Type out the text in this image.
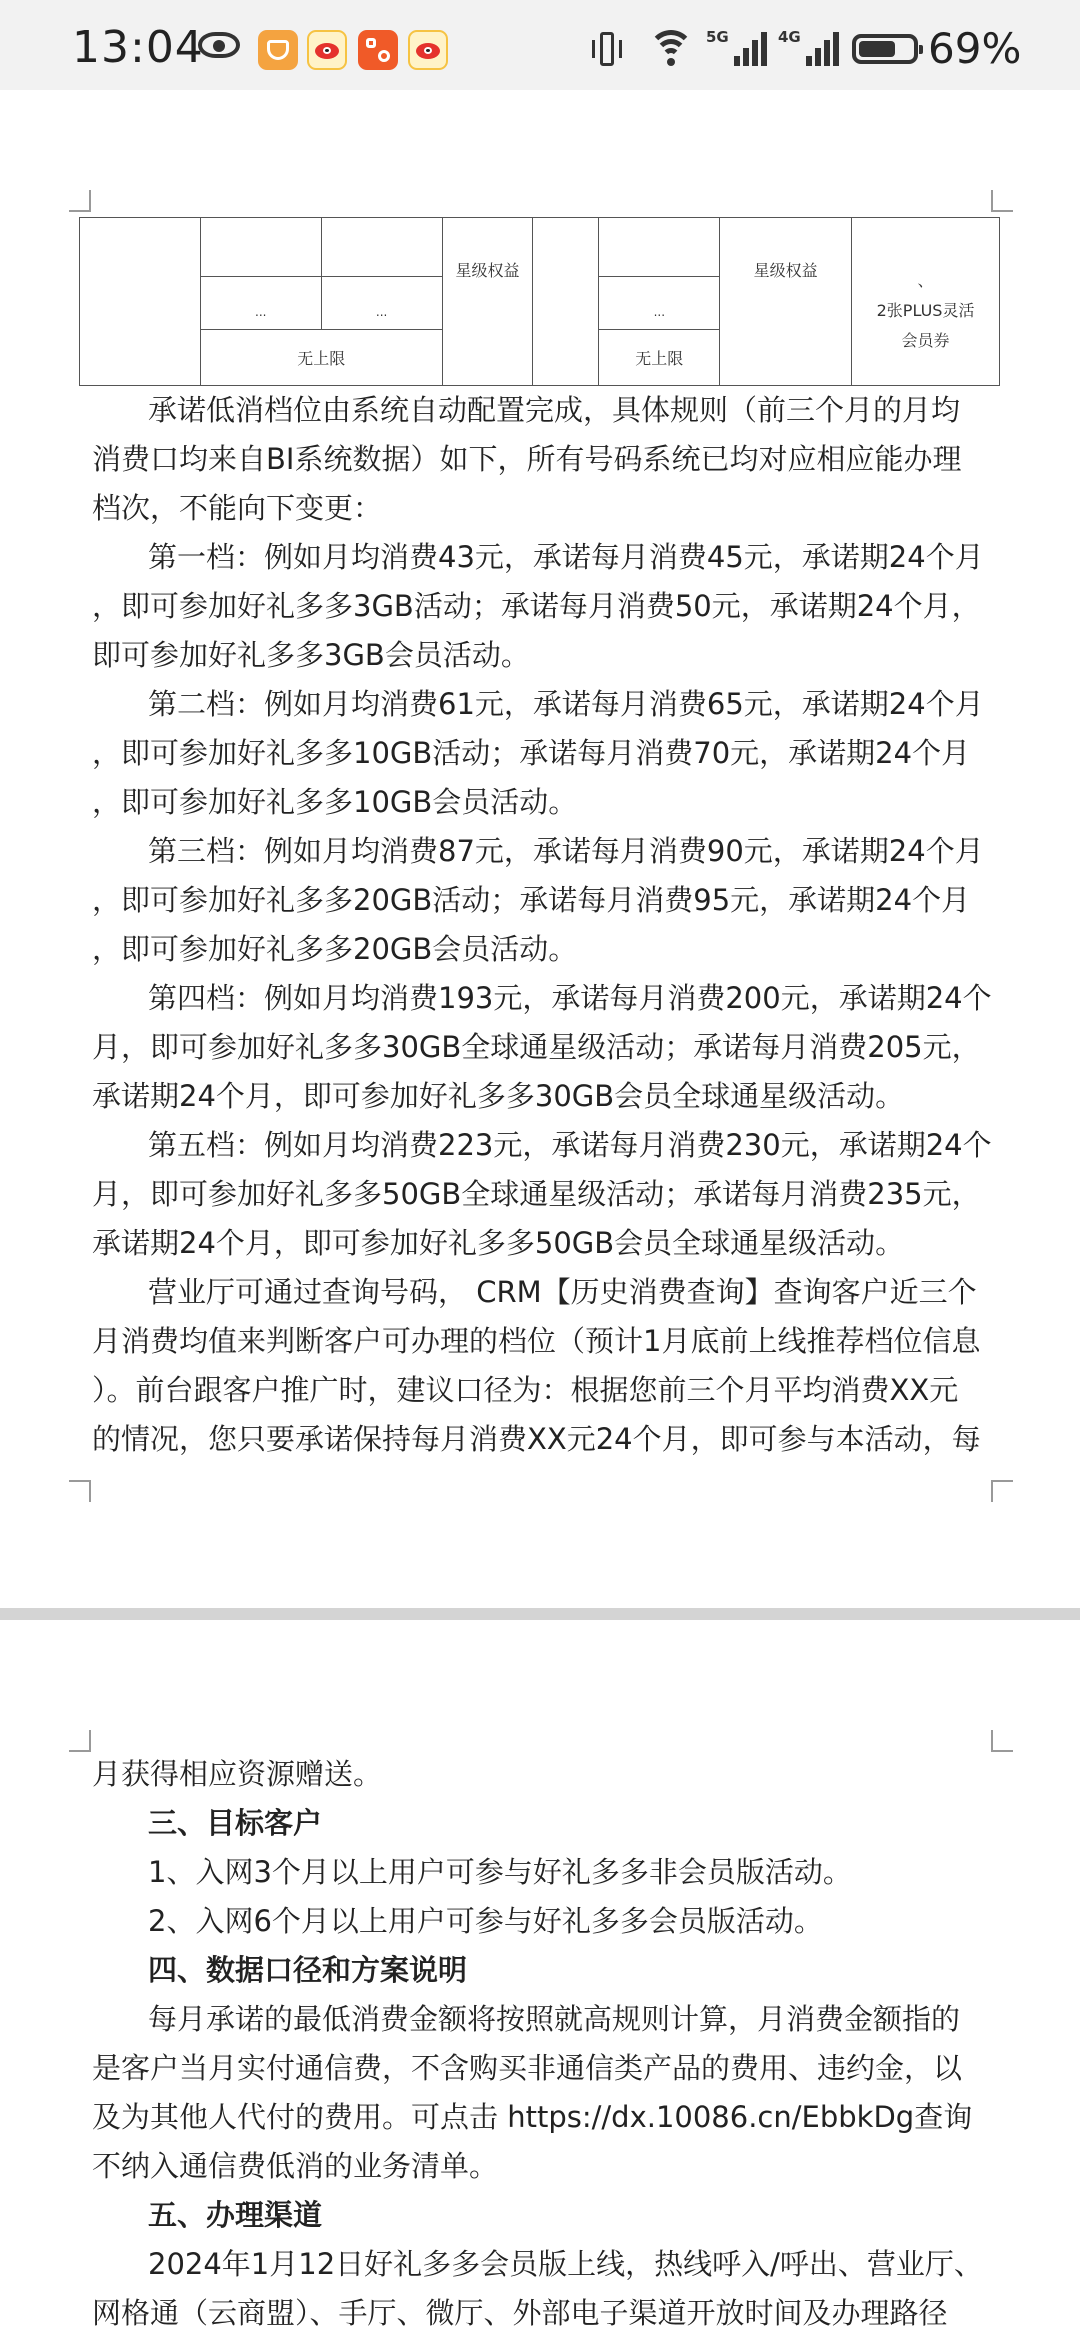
13:04	5G	4G	69%
			星级权益			星级权益	、
2张PLUS灵活
会员券

	...	...			...		
	无上限				无上限		

承诺低消档位由系统自动配置完成，具体规则（前三个月的月均

消费口均来自BI系统数据）如下，所有号码系统已均对应相应能办理

档次，不能向下变更：

第一档：例如月均消费43元，承诺每月消费45元，承诺期24个月

，即可参加好礼多多3GB活动；承诺每月消费50元，承诺期24个月，

即可参加好礼多多3GB会员活动。

第二档：例如月均消费61元，承诺每月消费65元，承诺期24个月

，即可参加好礼多多10GB活动；承诺每月消费70元，承诺期24个月

，即可参加好礼多多10GB会员活动。

第三档：例如月均消费87元，承诺每月消费90元，承诺期24个月

，即可参加好礼多多20GB活动；承诺每月消费95元，承诺期24个月

，即可参加好礼多多20GB会员活动。

第四档：例如月均消费193元，承诺每月消费200元，承诺期24个

月，即可参加好礼多多30GB全球通星级活动；承诺每月消费205元，

承诺期24个月，即可参加好礼多多30GB会员全球通星级活动。

第五档：例如月均消费223元，承诺每月消费230元，承诺期24个

月，即可参加好礼多多50GB全球通星级活动；承诺每月消费235元，

承诺期24个月，即可参加好礼多多50GB会员全球通星级活动。

营业厅可通过查询号码， CRM【历史消费查询】查询客户近三个

月消费均值来判断客户可办理的档位（预计1月底前上线推荐档位信息

）。前台跟客户推广时，建议口径为：根据您前三个月平均消费XX元

的情况，您只要承诺保持每月消费XX元24个月，即可参与本活动，每

月获得相应资源赠送。

三、目标客户

1、入网3个月以上用户可参与好礼多多非会员版活动。

2、入网6个月以上用户可参与好礼多多会员版活动。

四、数据口径和方案说明

每月承诺的最低消费金额将按照就高规则计算，月消费金额指的

是客户当月实付通信费，不含购买非通信类产品的费用、违约金，以

及为其他人代付的费用。可点击 https://dx.10086.cn/EbbkDg查询

不纳入通信费低消的业务清单。

五、办理渠道

2024年1月12日好礼多多会员版上线，热线呼入/呼出、营业厅、

网格通（云商盟）、手厅、微厅、外部电子渠道开放时间及办理路径
